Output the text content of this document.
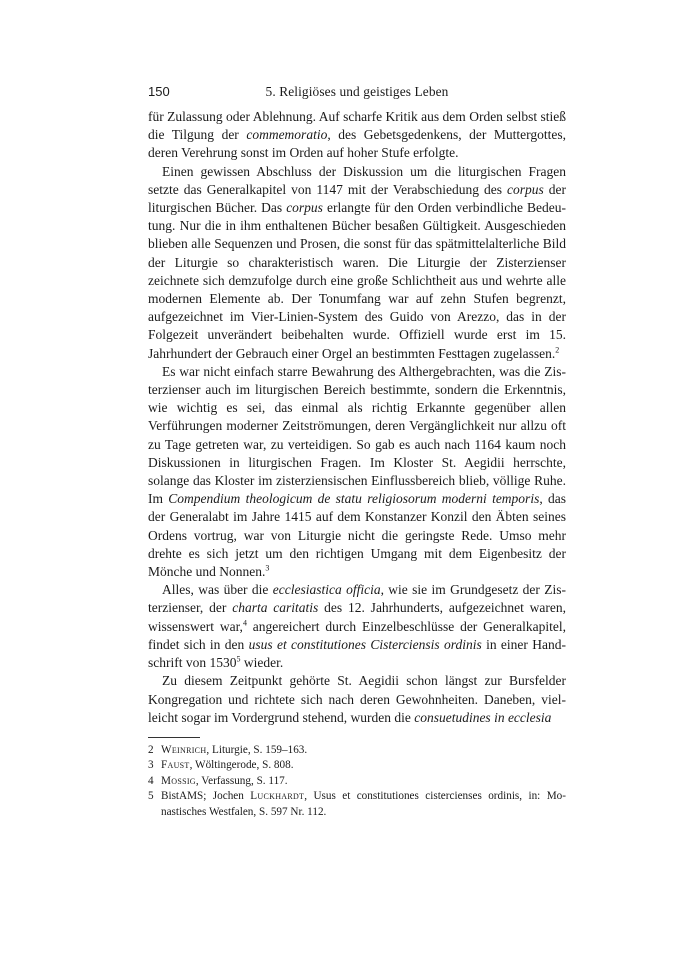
150	5. Religiöses und geistiges Leben

für Zulassung oder Ablehnung. Auf scharfe Kritik aus dem Orden selbst stieß die Tilgung der commemoratio, des Gebetsgedenkens, der Muttergottes, deren Verehrung sonst im Orden auf hoher Stufe erfolgte.

Einen gewissen Abschluss der Diskussion um die liturgischen Fragen setzte das Generalkapitel von 1147 mit der Verabschiedung des corpus der liturgischen Bücher. Das corpus erlangte für den Orden verbindliche Bedeutung. Nur die in ihm enthaltenen Bücher besaßen Gültigkeit. Ausgeschieden blieben alle Sequenzen und Prosen, die sonst für das spätmittelalterliche Bild der Liturgie so charakteristisch waren. Die Liturgie der Zisterzienser zeichnete sich demzufolge durch eine große Schlichtheit aus und wehrte alle modernen Elemente ab. Der Tonumfang war auf zehn Stufen begrenzt, aufgezeichnet im Vier-Linien-System des Guido von Arezzo, das in der Folgezeit unverändert beibehalten wurde. Offiziell wurde erst im 15. Jahrhundert der Gebrauch einer Orgel an bestimmten Festtagen zugelassen.$^2$

Es war nicht einfach starre Bewahrung des Althergebrachten, was die Zisterzienser auch im liturgischen Bereich bestimmte, sondern die Erkenntnis, wie wichtig es sei, das einmal als richtig Erkannte gegenüber allen Verführungen moderner Zeitströmungen, deren Vergänglichkeit nur allzu oft zu Tage getreten war, zu verteidigen. So gab es auch nach 1164 kaum noch Diskussionen in liturgischen Fragen. Im Kloster St. Aegidii herrschte, solange das Kloster im zisterziensischen Einflussbereich blieb, völlige Ruhe. Im Compendium theologicum de statu religiosorum moderni temporis, das der Generalabt im Jahre 1415 auf dem Konstanzer Konzil den Äbten seines Ordens vortrug, war von Liturgie nicht die geringste Rede. Umso mehr drehte es sich jetzt um den richtigen Umgang mit dem Eigenbesitz der Mönche und Nonnen.$^3$

Alles, was über die ecclesiastica officia, wie sie im Grundgesetz der Zisterzienser, der charta caritatis des 12. Jahrhunderts, aufgezeichnet waren, wissenswert war,$^4$ angereichert durch Einzelbeschlüsse der Generalkapitel, findet sich in den usus et constitutiones Cisterciensis ordinis in einer Handschrift von 1530$^5$ wieder.

Zu diesem Zeitpunkt gehörte St. Aegidii schon längst zur Bursfelder Kongregation und richtete sich nach deren Gewohnheiten. Daneben, vielleicht sogar im Vordergrund stehend, wurden die consuetudines in ecclesia

2 Weinrich, Liturgie, S. 159–163.
3 Faust, Wöltingerode, S. 808.
4 Mossig, Verfassung, S. 117.
5 BistAMS; Jochen Luckhardt, Usus et constitutiones cistercienses ordinis, in: Monastisches Westfalen, S. 597 Nr. 112.
